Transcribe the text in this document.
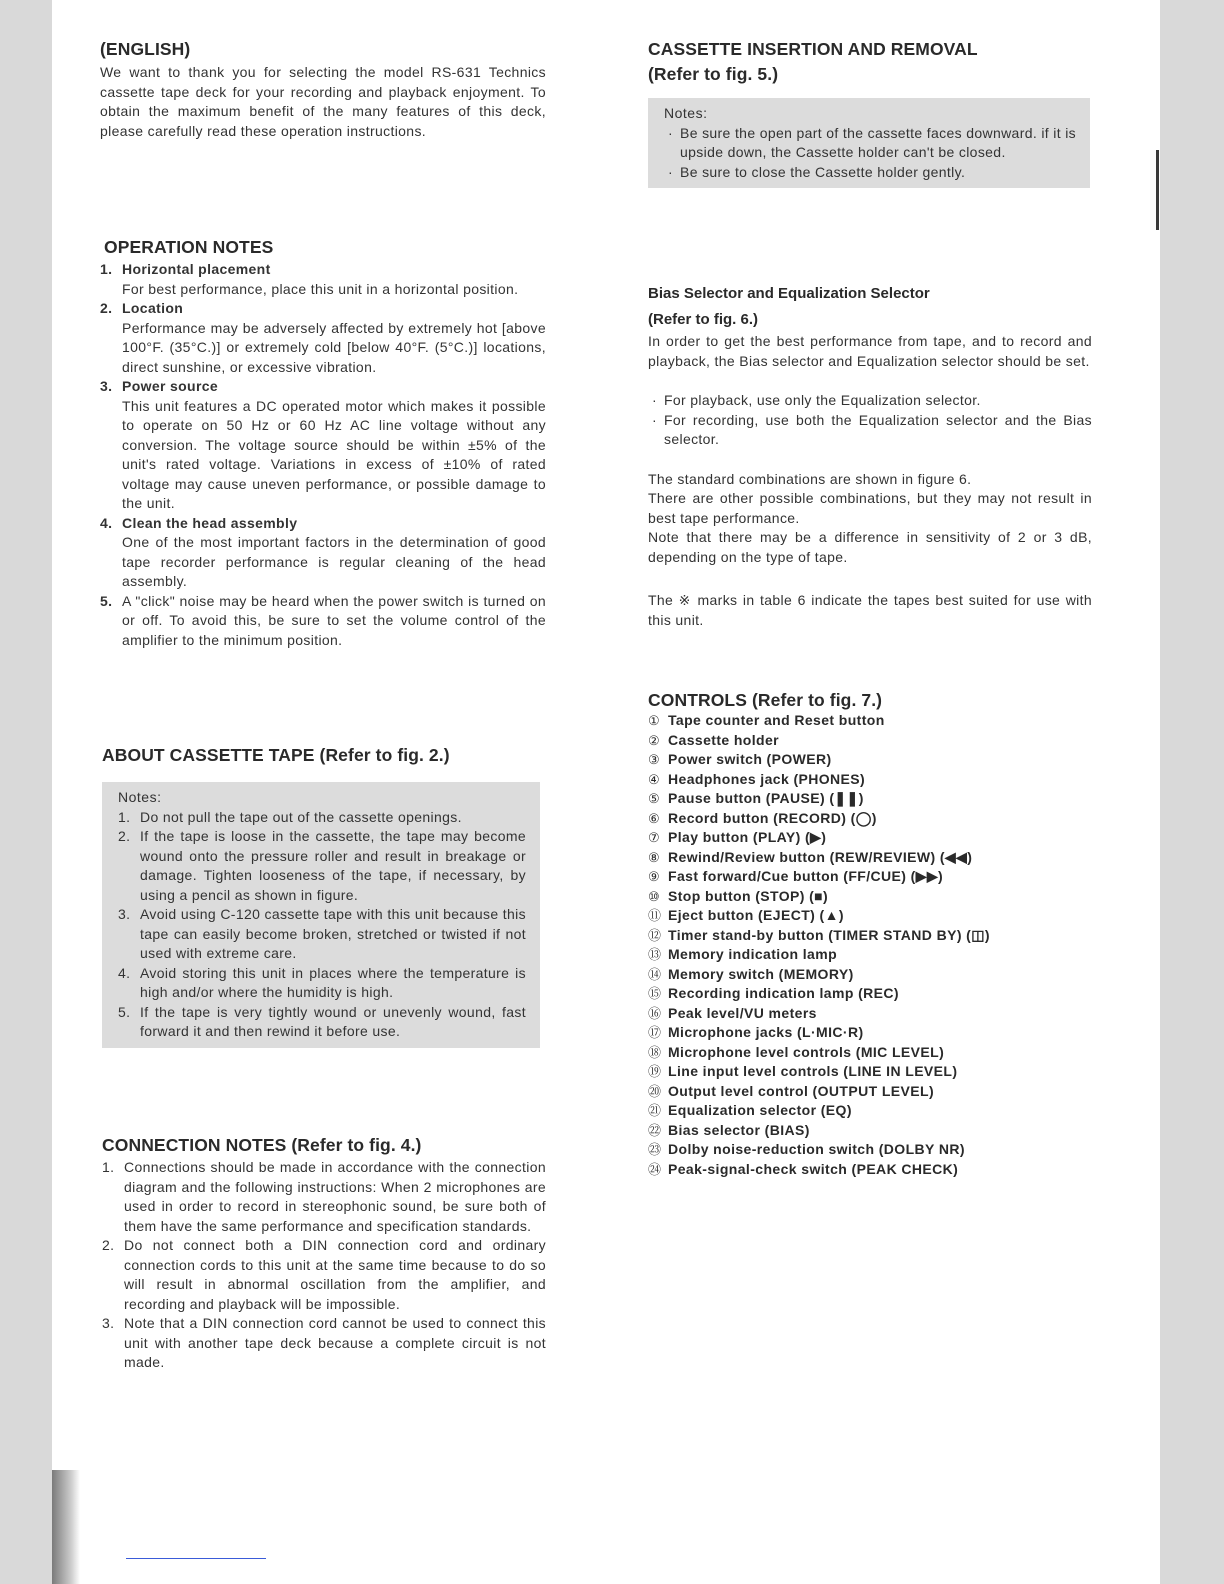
(ENGLISH)

We want to thank you for selecting the model RS-631 Technics cassette tape deck for your recording and playback enjoyment. To obtain the maximum benefit of the many features of this deck, please carefully read these operation instructions.

OPERATION NOTES
1. Horizontal placement
For best performance, place this unit in a horizontal position.
2. Location
Performance may be adversely affected by extremely hot [above 100°F. (35°C.)] or extremely cold [below 40°F. (5°C.)] locations, direct sunshine, or excessive vibration.
3. Power source
This unit features a DC operated motor which makes it possible to operate on 50 Hz or 60 Hz AC line voltage without any conversion. The voltage source should be within ±5% of the unit's rated voltage. Variations in excess of ±10% of rated voltage may cause uneven performance, or possible damage to the unit.
4. Clean the head assembly
One of the most important factors in the determination of good tape recorder performance is regular cleaning of the head assembly.
5. A "click" noise may be heard when the power switch is turned on or off. To avoid this, be sure to set the volume control of the amplifier to the minimum position.
ABOUT CASSETTE TAPE (Refer to fig. 2.)
Notes:
1. Do not pull the tape out of the cassette openings.
2. If the tape is loose in the cassette, the tape may become wound onto the pressure roller and result in breakage or damage. Tighten looseness of the tape, if necessary, by using a pencil as shown in figure.
3. Avoid using C-120 cassette tape with this unit because this tape can easily become broken, stretched or twisted if not used with extreme care.
4. Avoid storing this unit in places where the temperature is high and/or where the humidity is high.
5. If the tape is very tightly wound or unevenly wound, fast forward it and then rewind it before use.
CONNECTION NOTES (Refer to fig. 4.)
1. Connections should be made in accordance with the connection diagram and the following instructions: When 2 microphones are used in order to record in stereophonic sound, be sure both of them have the same performance and specification standards.
2. Do not connect both a DIN connection cord and ordinary connection cords to this unit at the same time because to do so will result in abnormal oscillation from the amplifier, and recording and playback will be impossible.
3. Note that a DIN connection cord cannot be used to connect this unit with another tape deck because a complete circuit is not made.
CASSETTE INSERTION AND REMOVAL
(Refer to fig. 5.)
Notes:
· Be sure the open part of the cassette faces downward. if it is upside down, the Cassette holder can't be closed.
· Be sure to close the Cassette holder gently.
Bias Selector and Equalization Selector
(Refer to fig. 6.)

In order to get the best performance from tape, and to record and playback, the Bias selector and Equalization selector should be set.

· For playback, use only the Equalization selector.
· For recording, use both the Equalization selector and the Bias selector.

The standard combinations are shown in figure 6.

There are other possible combinations, but they may not result in best tape performance.

Note that there may be a difference in sensitivity of 2 or 3 dB, depending on the type of tape.

The ※ marks in table 6 indicate the tapes best suited for use with this unit.

CONTROLS (Refer to fig. 7.)
① Tape counter and Reset button
② Cassette holder
③ Power switch (POWER)
④ Headphones jack (PHONES)
⑤ Pause button (PAUSE) (❚❚)
⑥ Record button (RECORD) (◯)
⑦ Play button (PLAY) (▶)
⑧ Rewind/Review button (REW/REVIEW) (◀◀)
⑨ Fast forward/Cue button (FF/CUE) (▶▶)
⑩ Stop button (STOP) (■)
⑪ Eject button (EJECT) (▲)
⑫ Timer stand-by button (TIMER STAND BY) (◫)
⑬ Memory indication lamp
⑭ Memory switch (MEMORY)
⑮ Recording indication lamp (REC)
⑯ Peak level/VU meters
⑰ Microphone jacks (L·MIC·R)
⑱ Microphone level controls (MIC LEVEL)
⑲ Line input level controls (LINE IN LEVEL)
⑳ Output level control (OUTPUT LEVEL)
㉑ Equalization selector (EQ)
㉒ Bias selector (BIAS)
㉓ Dolby noise-reduction switch (DOLBY NR)
㉔ Peak-signal-check switch (PEAK CHECK)
